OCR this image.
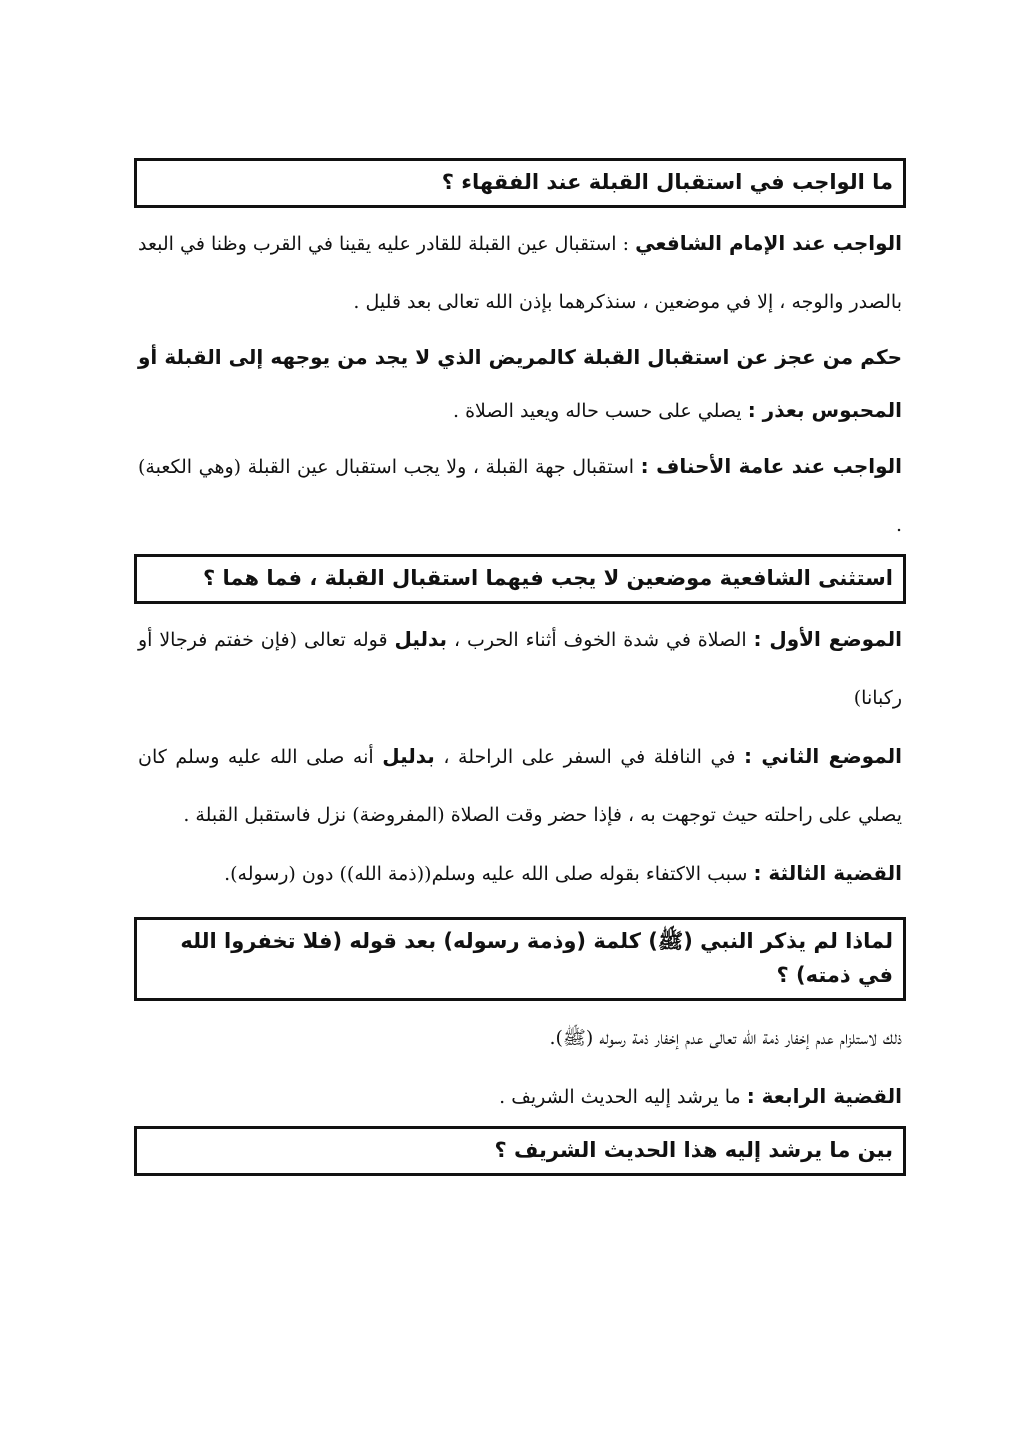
ما الواجب في استقبال القبلة عند الفقهاء ؟
الواجب عند الإمام الشافعي : استقبال عين القبلة للقادر عليه يقينا في القرب وظنا في البعد بالصدر والوجه ، إلا في موضعين ، سنذكرهما بإذن الله تعالى بعد قليل .
حكم من عجز عن استقبال القبلة كالمريض الذي لا يجد من يوجهه إلى القبلة أو المحبوس بعذر : يصلي على حسب حاله ويعيد الصلاة .
الواجب عند عامة الأحناف : استقبال جهة القبلة ، ولا يجب استقبال عين القبلة (وهي الكعبة) .
استثنى الشافعية موضعين لا يجب فيهما استقبال القبلة ، فما هما ؟
الموضع الأول : الصلاة في شدة الخوف أثناء الحرب ، بدليل قوله تعالى (فإن خفتم فرجالا أو ركبانا)
الموضع الثاني : في النافلة في السفر على الراحلة ، بدليل أنه صلى الله عليه وسلم كان يصلي على راحلته حيث توجهت به ، فإذا حضر وقت الصلاة (المفروضة) نزل فاستقبل القبلة .
القضية الثالثة : سبب الاكتفاء بقوله صلى الله عليه وسلم((ذمة الله)) دون (رسوله).
لماذا لم يذكر النبي (ﷺ) كلمة (وذمة رسوله) بعد قوله (فلا تخفروا الله في ذمته) ؟
ذلك لاستلزام عدم إخفار ذمة الله تعالى عدم إخفار ذمة رسوله (ﷺ).
القضية الرابعة : ما يرشد إليه الحديث الشريف .
بين ما يرشد إليه هذا الحديث الشريف ؟
